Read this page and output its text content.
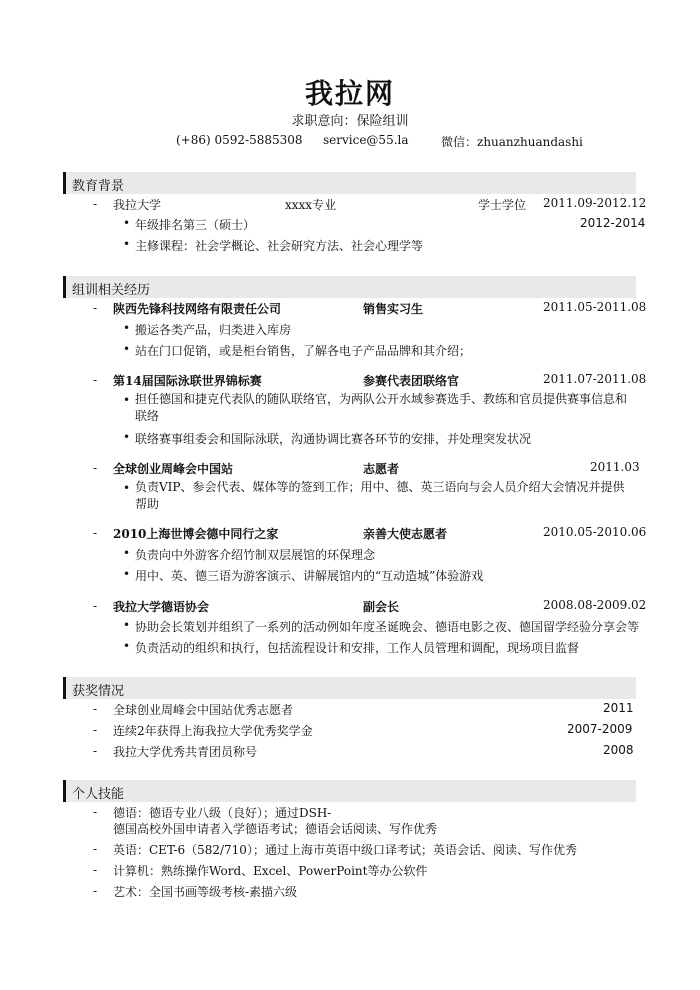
我拉网
求职意向：保险组训
(+86) 0592-5885308 service@55.la	微信：zhuanzhuandashi
教育背景
- 我拉大学	xxxx专业	学士学位 2011.09-2012.12
• 年级排名第三（硕士）	2012-2014
• 主修课程：社会学概论、社会研究方法、社会心理学等
组训相关经历
- 陕西先锋科技网络有限责任公司	销售实习生	2011.05-2011.08
• 搬运各类产品，归类进入库房
• 站在门口促销，或是柜台销售，了解各电子产品品牌和其介绍；
- 第14届国际泳联世界锦标赛	参赛代表团联络官	2011.07-2011.08
• 担任德国和捷克代表队的随队联络官，为两队公开水域参赛选手、教练和官员提供赛事信息和联络
• 联络赛事组委会和国际泳联，沟通协调比赛各环节的安排，并处理突发状况
- 全球创业周峰会中国站	志愿者	2011.03
• 负责VIP、参会代表、媒体等的签到工作；用中、德、英三语向与会人员介绍大会情况并提供帮助
- 2010上海世博会德中同行之家	亲善大使志愿者	2010.05-2010.06
• 负责向中外游客介绍竹制双层展馆的环保理念
• 用中、英、德三语为游客演示、讲解展馆内的“互动造城”体验游戏
- 我拉大学德语协会	副会长	2008.08-2009.02
• 协助会长策划并组织了一系列的活动例如年度圣诞晚会、德语电影之夜、德国留学经验分享会等
• 负责活动的组织和执行，包括流程设计和安排，工作人员管理和调配，现场项目监督
获奖情况
- 全球创业周峰会中国站优秀志愿者	2011
- 连续2年获得上海我拉大学优秀奖学金	2007-2009
- 我拉大学优秀共青团员称号	2008
个人技能
- 德语：德语专业八级（良好）；通过DSH-
德国高校外国申请者入学德语考试；德语会话阅读、写作优秀
- 英语：CET-6（582/710）；通过上海市英语中级口译考试；英语会话、阅读、写作优秀
- 计算机：熟练操作Word、Excel、PowerPoint等办公软件
- 艺术：全国书画等级考核-素描六级
